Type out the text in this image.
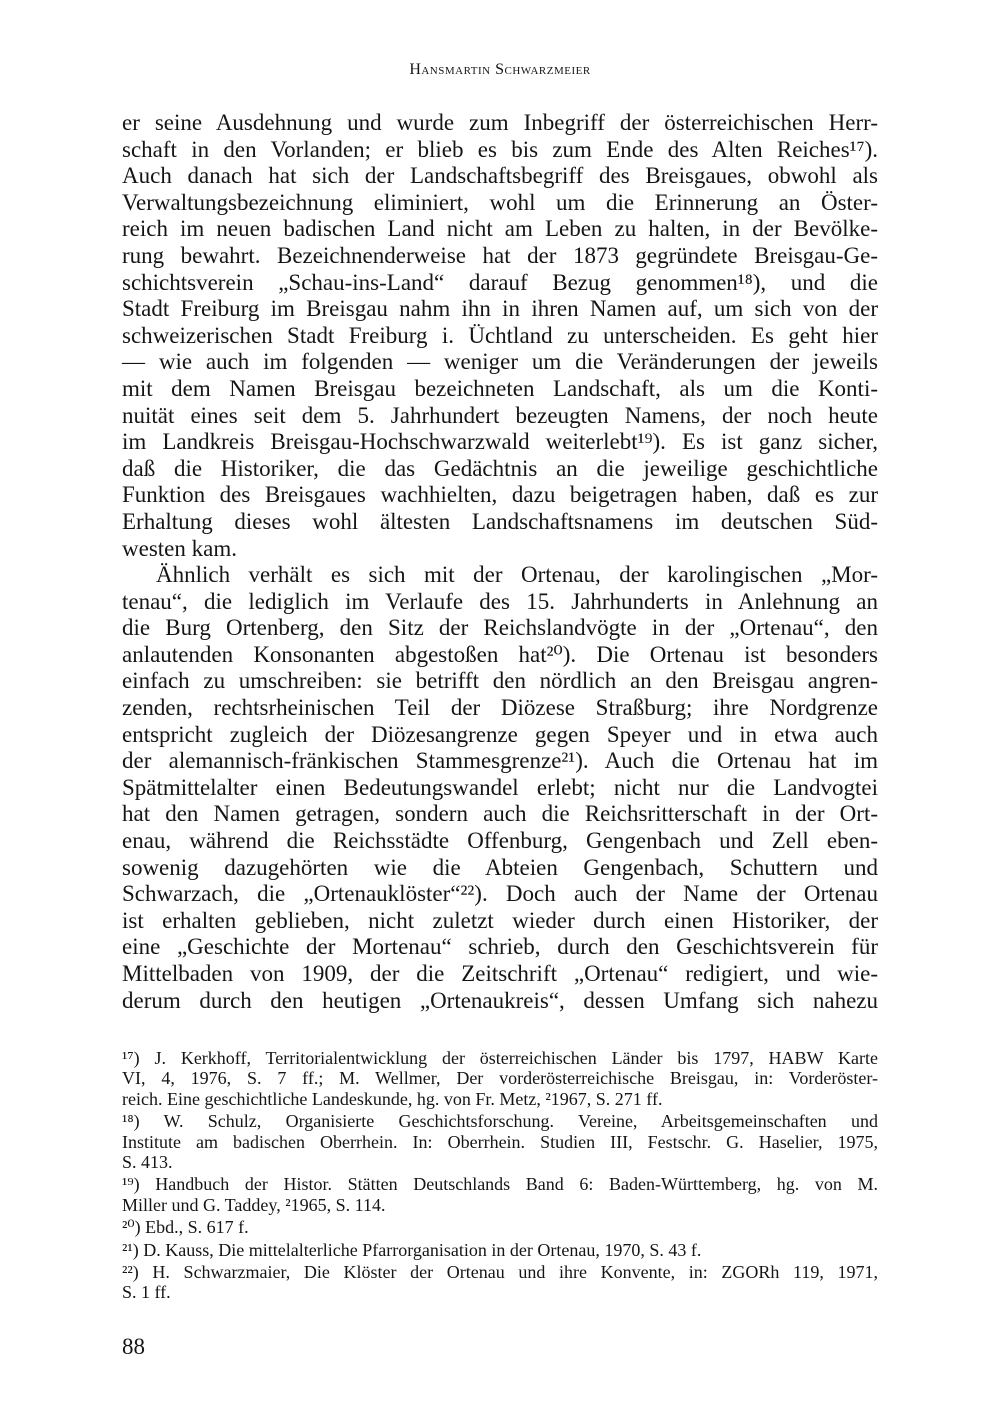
Hansmartin Schwarzmeier
er seine Ausdehnung und wurde zum Inbegriff der österreichischen Herr-
schaft in den Vorlanden; er blieb es bis zum Ende des Alten Reiches¹⁷).
Auch danach hat sich der Landschaftsbegriff des Breisgaues, obwohl als
Verwaltungsbezeichnung eliminiert, wohl um die Erinnerung an Öster-
reich im neuen badischen Land nicht am Leben zu halten, in der Bevölke-
rung bewahrt. Bezeichnenderweise hat der 1873 gegründete Breisgau-Ge-
schichtsverein „Schau-ins-Land“ darauf Bezug genommen¹⁸), und die
Stadt Freiburg im Breisgau nahm ihn in ihren Namen auf, um sich von der
schweizerischen Stadt Freiburg i. Üchtland zu unterscheiden. Es geht hier
— wie auch im folgenden — weniger um die Veränderungen der jeweils
mit dem Namen Breisgau bezeichneten Landschaft, als um die Konti-
nuität eines seit dem 5. Jahrhundert bezeugten Namens, der noch heute
im Landkreis Breisgau-Hochschwarzwald weiterlebt¹⁹). Es ist ganz sicher,
daß die Historiker, die das Gedächtnis an die jeweilige geschichtliche
Funktion des Breisgaues wachhielten, dazu beigetragen haben, daß es zur
Erhaltung dieses wohl ältesten Landschaftsnamens im deutschen Süd-
westen kam.
Ähnlich verhält es sich mit der Ortenau, der karolingischen „Mor-
tenau“, die lediglich im Verlaufe des 15. Jahrhunderts in Anlehnung an
die Burg Ortenberg, den Sitz der Reichslandvögte in der „Ortenau“, den
anlautenden Konsonanten abgestoßen hat²⁰). Die Ortenau ist besonders
einfach zu umschreiben: sie betrifft den nördlich an den Breisgau angren-
zenden, rechtsrheinischen Teil der Diözese Straßburg; ihre Nordgrenze
entspricht zugleich der Diözesangrenze gegen Speyer und in etwa auch
der alemannisch-fränkischen Stammesgrenze²¹). Auch die Ortenau hat im
Spätmittelalter einen Bedeutungswandel erlebt; nicht nur die Landvogtei
hat den Namen getragen, sondern auch die Reichsritterschaft in der Ort-
enau, während die Reichsstädte Offenburg, Gengenbach und Zell eben-
sowenig dazugehörten wie die Abteien Gengenbach, Schuttern und
Schwarzach, die „Ortenauklöster“²²). Doch auch der Name der Ortenau
ist erhalten geblieben, nicht zuletzt wieder durch einen Historiker, der
eine „Geschichte der Mortenau“ schrieb, durch den Geschichtsverein für
Mittelbaden von 1909, der die Zeitschrift „Ortenau“ redigiert, und wie-
derum durch den heutigen „Ortenaukreis“, dessen Umfang sich nahezu
¹⁷) J. Kerkhoff, Territorialentwicklung der österreichischen Länder bis 1797, HABW Karte
VI, 4, 1976, S. 7 ff.; M. Wellmer, Der vorderösterreichische Breisgau, in: Vorderöster-
reich. Eine geschichtliche Landeskunde, hg. von Fr. Metz, ²1967, S. 271 ff.
¹⁸) W. Schulz, Organisierte Geschichtsforschung. Vereine, Arbeitsgemeinschaften und
Institute am badischen Oberrhein. In: Oberrhein. Studien III, Festschr. G. Haselier, 1975,
S. 413.
¹⁹) Handbuch der Histor. Stätten Deutschlands Band 6: Baden-Württemberg, hg. von M.
Miller und G. Taddey, ²1965, S. 114.
²⁰) Ebd., S. 617 f.
²¹) D. Kauss, Die mittelalterliche Pfarrorganisation in der Ortenau, 1970, S. 43 f.
²²) H. Schwarzmaier, Die Klöster der Ortenau und ihre Konvente, in: ZGORh 119, 1971,
S. 1 ff.
88
